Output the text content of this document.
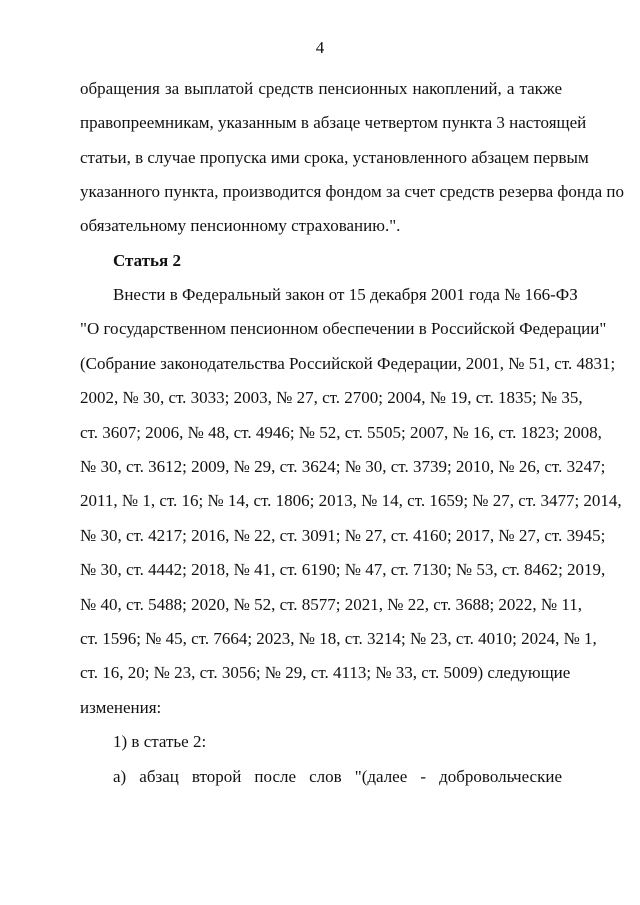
4
обращения за выплатой средств пенсионных накоплений, а также
правопреемникам, указанным в абзаце четвертом пункта 3 настоящей
статьи, в случае пропуска ими срока, установленного абзацем первым
указанного пункта, производится фондом за счет средств резерва фонда по
обязательному пенсионному страхованию.".
Статья 2
Внести в Федеральный закон от 15 декабря 2001 года № 166-ФЗ
"О государственном пенсионном обеспечении в Российской Федерации"
(Собрание законодательства Российской Федерации, 2001, № 51, ст. 4831;
2002, № 30, ст. 3033; 2003, № 27, ст. 2700; 2004, № 19, ст. 1835; № 35,
ст. 3607; 2006, № 48, ст. 4946; № 52, ст. 5505; 2007, № 16, ст. 1823; 2008,
№ 30, ст. 3612; 2009, № 29, ст. 3624; № 30, ст. 3739; 2010, № 26, ст. 3247;
2011, № 1, ст. 16; № 14, ст. 1806; 2013, № 14, ст. 1659; № 27, ст. 3477; 2014,
№ 30, ст. 4217; 2016, № 22, ст. 3091; № 27, ст. 4160; 2017, № 27, ст. 3945;
№ 30, ст. 4442; 2018, № 41, ст. 6190; № 47, ст. 7130; № 53, ст. 8462; 2019,
№ 40, ст. 5488; 2020, № 52, ст. 8577; 2021, № 22, ст. 3688; 2022, № 11,
ст. 1596; № 45, ст. 7664; 2023, № 18, ст. 3214; № 23, ст. 4010; 2024, № 1,
ст. 16, 20; № 23, ст. 3056; № 29, ст. 4113; № 33, ст. 5009) следующие
изменения:
1) в статье 2:
а) абзац второй после слов "(далее - добровольческие
